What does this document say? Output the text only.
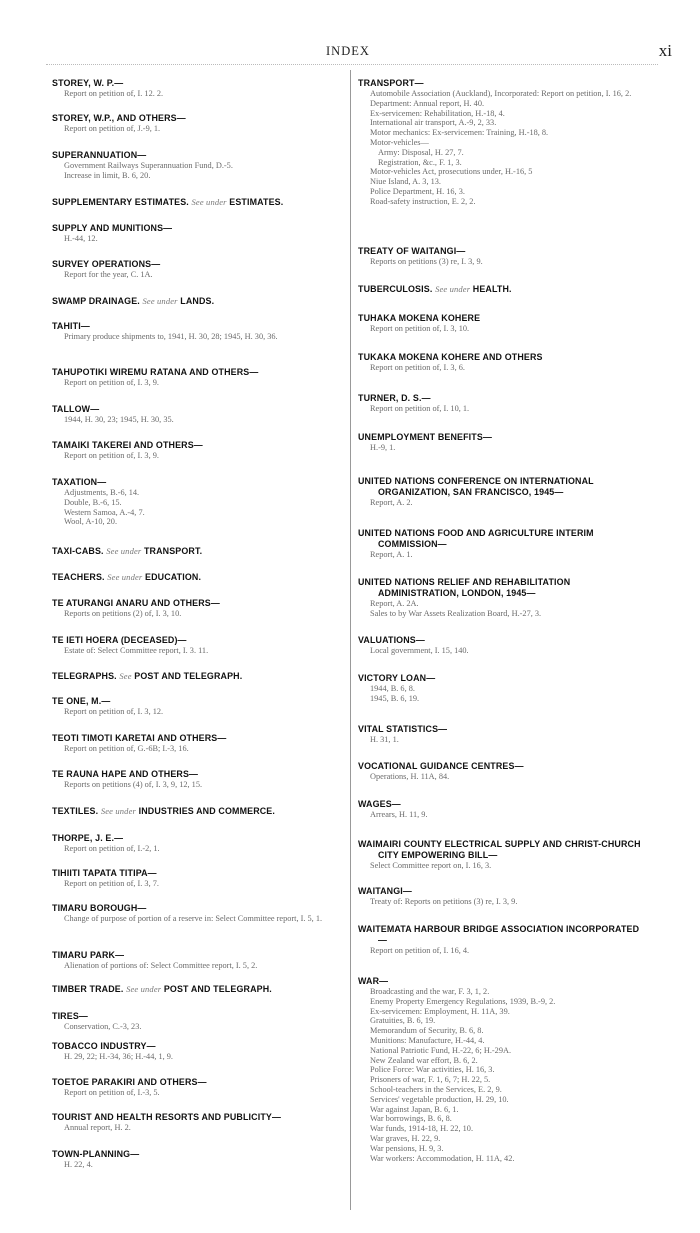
INDEX	xi
STOREY, W. P.—
Report on petition of, I. 12. 2.
STOREY, W.P., AND OTHERS—
Report on petition of, J.-9, 1.
SUPERANNUATION—
Government Railways Superannuation Fund, D.-5.
Increase in limit, B. 6, 20.
SUPPLEMENTARY ESTIMATES. See under ESTIMATES.
SUPPLY AND MUNITIONS—
H.-44, 12.
SURVEY OPERATIONS—
Report for the year, C. 1A.
SWAMP DRAINAGE. See under LANDS.
TAHITI—
Primary produce shipments to, 1941, H. 30, 28; 1945, H. 30, 36.
TAHUPOTIKI WIREMU RATANA AND OTHERS—
Report on petition of, I. 3, 9.
TALLOW—
1944, H. 30, 23; 1945, H. 30, 35.
TAMAIKI TAKEREI AND OTHERS—
Report on petition of, I. 3, 9.
TAXATION—
Adjustments, B.-6, 14.
Double, B.-6, 15.
Western Samoa, A.-4, 7.
Wool, A-10, 20.
TAXI-CABS. See under TRANSPORT.
TEACHERS. See under EDUCATION.
TE ATURANGI ANARU AND OTHERS—
Reports on petitions (2) of, I. 3, 10.
TE IETI HOERA (DECEASED)—
Estate of: Select Committee report, I. 3. 11.
TELEGRAPHS. See POST AND TELEGRAPH.
TE ONE, M.—
Report on petition of, I. 3, 12.
TEOTI TIMOTI KARETAI AND OTHERS—
Report on petition of, G.-6B; I.-3, 16.
TE RAUNA HAPE AND OTHERS—
Reports on petitions (4) of, I. 3, 9, 12, 15.
TEXTILES. See under INDUSTRIES AND COMMERCE.
THORPE, J. E.—
Report on petition of, I.-2, 1.
TIHIITI TAPATA TITIPA—
Report on petition of, I. 3, 7.
TIMARU BOROUGH—
Change of purpose of portion of a reserve in: Select Committee report, I. 5, 1.
TIMARU PARK—
Alienation of portions of: Select Committee report, I. 5, 2.
TIMBER TRADE. See under POST AND TELEGRAPH.
TIRES—
Conservation, C.-3, 23.
TOBACCO INDUSTRY—
H. 29, 22; H.-34, 36; H.-44, 1, 9.
TOETOE PARAKIRI AND OTHERS—
Report on petition of, I.-3, 5.
TOURIST AND HEALTH RESORTS AND PUBLICITY—
Annual report, H. 2.
TOWN-PLANNING—
H. 22, 4.
TRANSPORT—
Automobile Association (Auckland), Incorporated: Report on petition, I. 16, 2.
Department: Annual report, H. 40.
Ex-servicemen: Rehabilitation, H.-18, 4.
International air transport, A.-9, 2, 33.
Motor mechanics: Ex-servicemen: Training, H.-18, 8.
Motor-vehicles—
Army: Disposal, H. 27, 7.
Registration, &c., F. 1, 3.
Motor-vehicles Act, prosecutions under, H.-16, 5
Niue Island, A. 3, 13.
Police Department, H. 16, 3.
Road-safety instruction, E. 2, 2.
TREATY OF WAITANGI—
Reports on petitions (3) re, I. 3, 9.
TUBERCULOSIS. See under HEALTH.
TUHAKA MOKENA KOHERE
Report on petition of, I. 3, 10.
TUKAKA MOKENA KOHERE AND OTHERS
Report on petition of, I. 3, 6.
TURNER, D. S.—
Report on petition of, I. 10, 1.
UNEMPLOYMENT BENEFITS—
H.-9, 1.
UNITED NATIONS CONFERENCE ON INTERNATIONAL ORGANIZATION, SAN FRANCISCO, 1945—
Report, A. 2.
UNITED NATIONS FOOD AND AGRICULTURE INTERIM COMMISSION—
Report, A. 1.
UNITED NATIONS RELIEF AND REHABILITATION ADMINISTRATION, LONDON, 1945—
Report, A. 2A.
Sales to by War Assets Realization Board, H.-27, 3.
VALUATIONS—
Local government, I. 15, 140.
VICTORY LOAN—
1944, B. 6, 8.
1945, B. 6, 19.
VITAL STATISTICS—
H. 31, 1.
VOCATIONAL GUIDANCE CENTRES—
Operations, H. 11A, 84.
WAGES—
Arrears, H. 11, 9.
WAIMAIRI COUNTY ELECTRICAL SUPPLY AND CHRIST-CHURCH CITY EMPOWERING BILL—
Select Committee report on, I. 16, 3.
WAITANGI—
Treaty of: Reports on petitions (3) re, I. 3, 9.
WAITEMATA HARBOUR BRIDGE ASSOCIATION INCORPORATED—
Report on petition of, I. 16, 4.
WAR—
Broadcasting and the war, F. 3, 1, 2.
Enemy Property Emergency Regulations, 1939, B.-9, 2.
Ex-servicemen: Employment, H. 11A, 39.
Gratuities, B. 6, 19.
Memorandum of Security, B. 6, 8.
Munitions: Manufacture, H.-44, 4.
National Patriotic Fund, H.-22, 6; H.-29A.
New Zealand war effort, B. 6, 2.
Police Force: War activities, H. 16, 3.
Prisoners of war, F. 1, 6, 7; H. 22, 5.
School-teachers in the Services, E. 2, 9.
Services' vegetable production, H. 29, 10.
War against Japan, B. 6, 1.
War borrowings, B. 6, 8.
War funds, 1914-18, H. 22, 10.
War graves, H. 22, 9.
War pensions, H. 9, 3.
War workers: Accommodation, H. 11A, 42.
